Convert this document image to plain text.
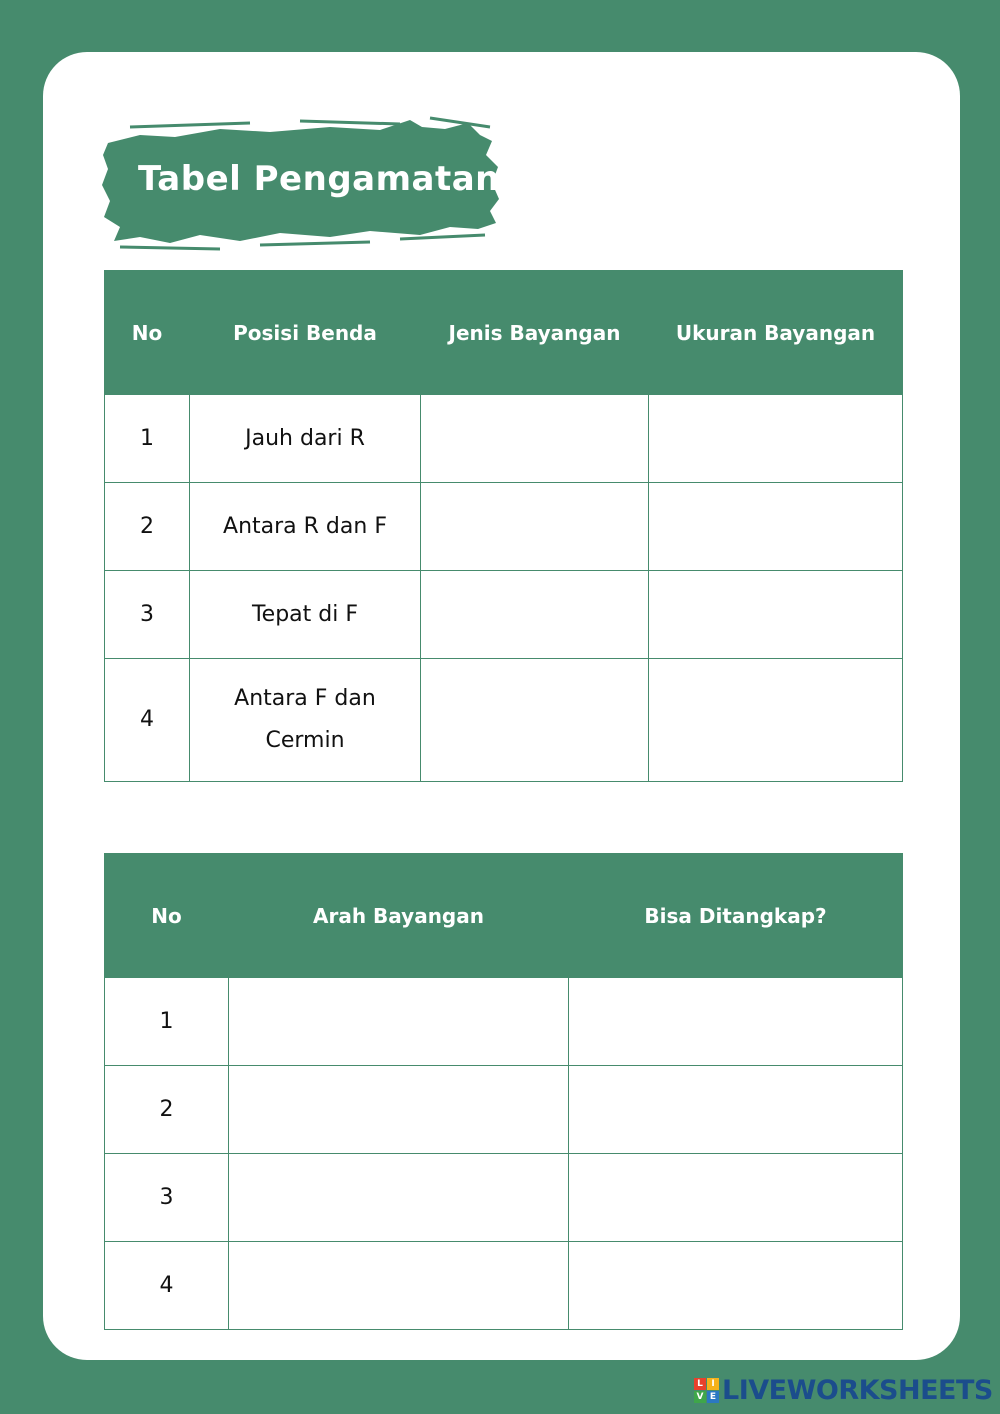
Tabel Pengamatan
No	Posisi Benda	Jenis Bayangan	Ukuran Bayangan
1	Jauh dari R		
2	Antara R dan F		
3	Tepat di F		
4	Antara F dan
Cermin		

No	Arah Bayangan	Bisa Ditangkap?
1		
2		
3		
4		
L I
V E LIVEWORKSHEETS
